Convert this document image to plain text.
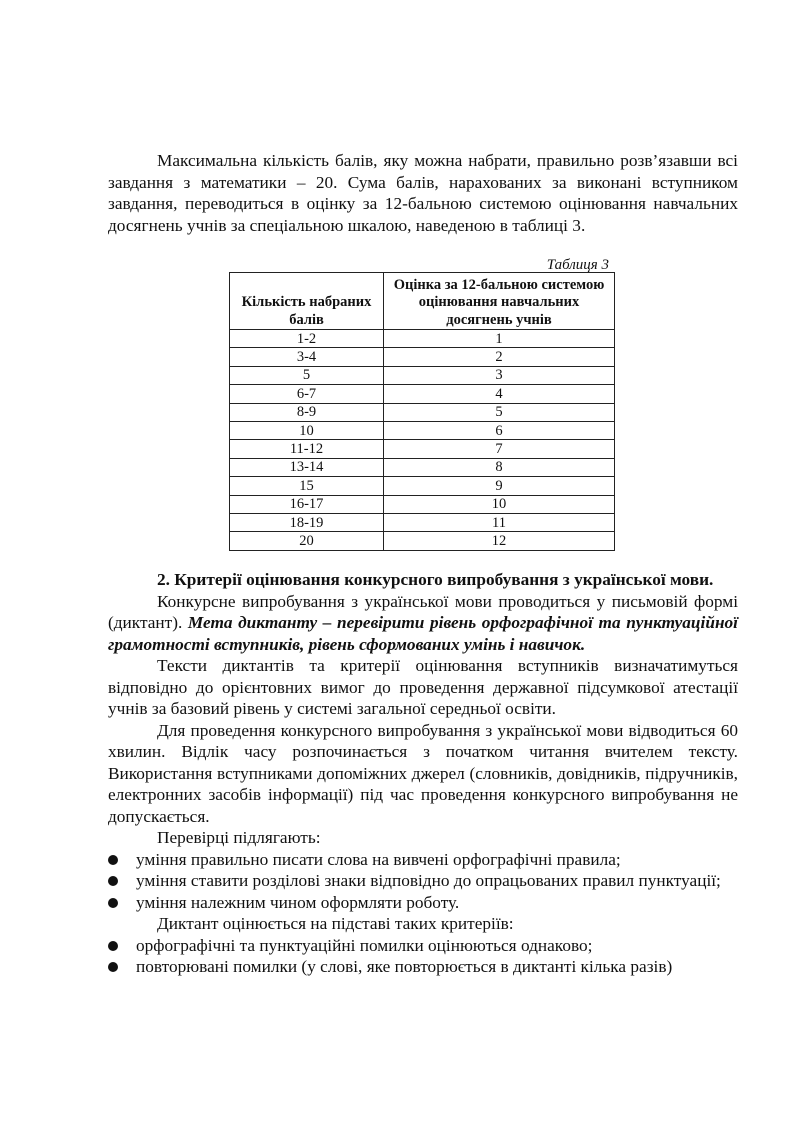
Максимальна кількість балів, яку можна набрати, правильно розв’язавши всі завдання з математики – 20. Сума балів, нарахованих за виконані вступником завдання, переводиться в оцінку за 12-бальною системою оцінювання навчальних досягнень учнів за спеціальною шкалою, наведеною в таблиці 3.

Таблиця 3
Кількість набраних балів	Оцінка за 12-бальною системою оцінювання навчальних досягнень учнів
1-2	1
3-4	2
5	3
6-7	4
8-9	5
10	6
11-12	7
13-14	8
15	9
16-17	10
18-19	11
20	12

2. Критерії оцінювання конкурсного випробування з української мови.

Конкурсне випробування з української мови проводиться у письмовій формі (диктант). Мета диктанту – перевірити рівень орфографічної та пунктуаційної грамотності вступників, рівень сформованих умінь і навичок.

Тексти диктантів та критерії оцінювання вступників визначатимуться відповідно до орієнтовних вимог до проведення державної підсумкової атестації учнів за базовий рівень у системі загальної середньої освіти.

Для проведення конкурсного випробування з української мови відводиться 60 хвилин. Відлік часу розпочинається з початком читання вчителем тексту. Використання вступниками допоміжних джерел (словників, довідників, підручників, електронних засобів інформації) під час проведення конкурсного випробування не допускається.

Перевірці підлягають:

уміння правильно писати слова на вивчені орфографічні правила;
уміння ставити розділові знаки відповідно до опрацьованих правил пунктуації;
уміння належним чином оформляти роботу.

Диктант оцінюється на підставі таких критеріїв:

орфографічні та пунктуаційні помилки оцінюються однаково;
повторювані помилки (у слові, яке повторюється в диктанті кілька разів)
